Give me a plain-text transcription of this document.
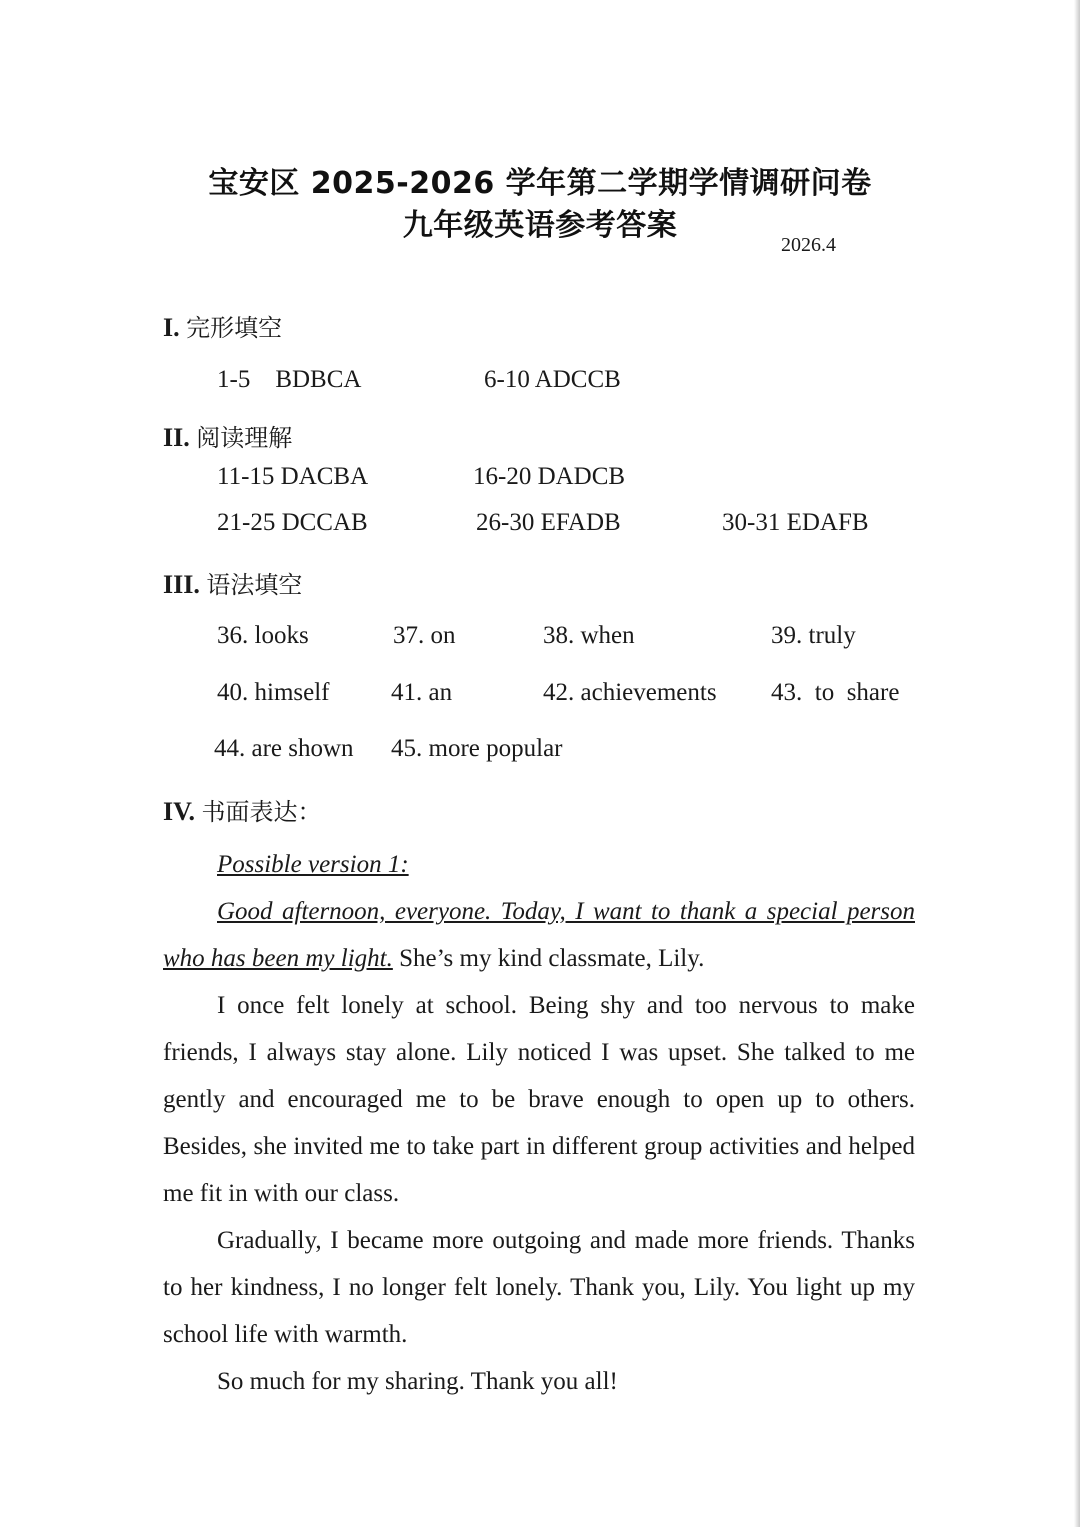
宝安区 2025-2026 学年第二学期学情调研问卷
九年级英语参考答案
2026.4
I. 完形填空
1-5    BDBCA	6-10 ADCCB
II. 阅读理解
11-15 DACBA	16-20 DADCB
21-25 DCCAB	26-30 EFADB	30-31 EDAFB
III. 语法填空
36. looks	37. on	38. when	39. truly
40. himself 41. an	42. achievements 43.  to  share
44. are shown 45. more popular
IV. 书面表达：

Possible version 1:

Good afternoon, everyone. Today, I want to thank a special person who has been my light. She’s my kind classmate, Lily.

I once felt lonely at school. Being shy and too nervous to make friends, I always stay alone. Lily noticed I was upset. She talked to me gently and encouraged me to be brave enough to open up to others. Besides, she invited me to take part in different group activities and helped me fit in with our class.

Gradually, I became more outgoing and made more friends. Thanks to her kindness, I no longer felt lonely. Thank you, Lily. You light up my school life with warmth.

So much for my sharing. Thank you all!
